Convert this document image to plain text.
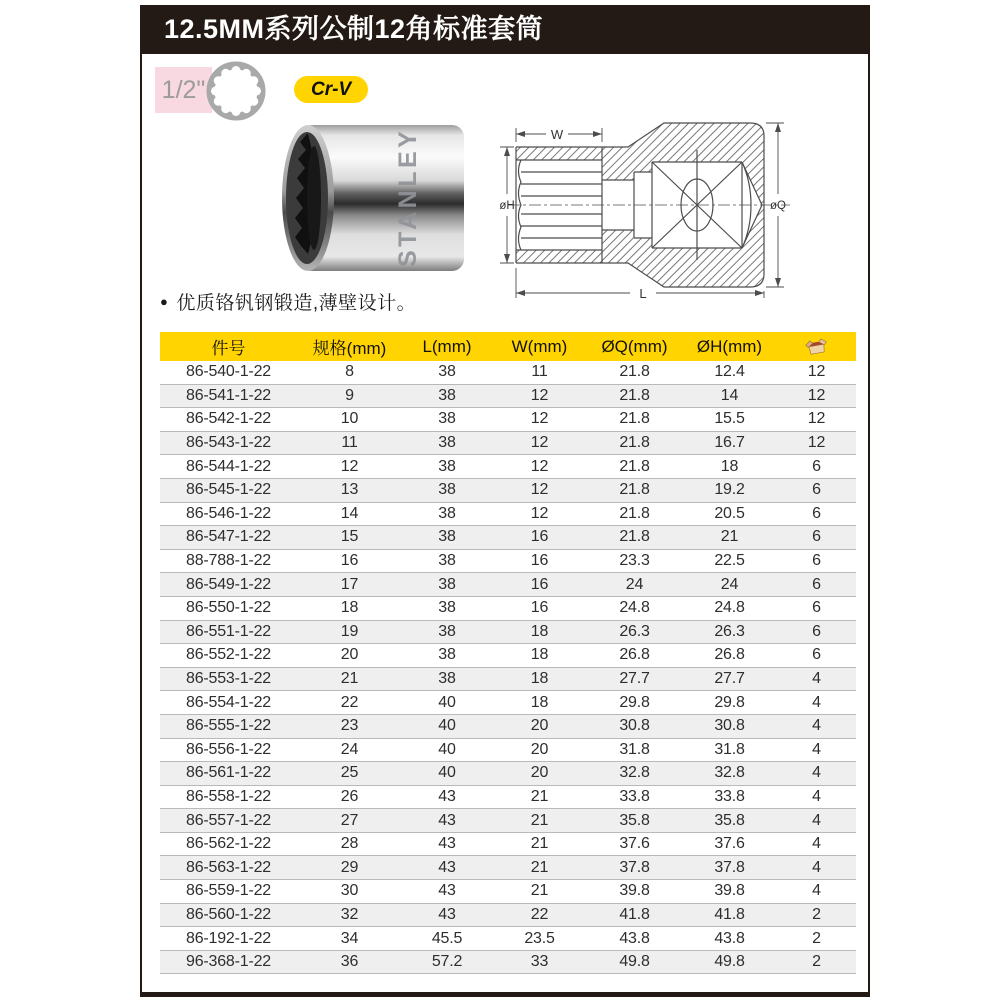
12.5MM系列公制12角标准套筒
1/2"	Cr-V
STANLEY	W
øH	øQ
L
● 优质铬钒钢锻造,薄壁设计。
件号	规格(mm)	L(mm)	W(mm)	ØQ(mm)	ØH(mm)	
86-540-1-22	8	38	11	21.8	12.4	12
86-541-1-22	9	38	12	21.8	14	12
86-542-1-22	10	38	12	21.8	15.5	12
86-543-1-22	11	38	12	21.8	16.7	12
86-544-1-22	12	38	12	21.8	18	6
86-545-1-22	13	38	12	21.8	19.2	6
86-546-1-22	14	38	12	21.8	20.5	6
86-547-1-22	15	38	16	21.8	21	6
88-788-1-22	16	38	16	23.3	22.5	6
86-549-1-22	17	38	16	24	24	6
86-550-1-22	18	38	16	24.8	24.8	6
86-551-1-22	19	38	18	26.3	26.3	6
86-552-1-22	20	38	18	26.8	26.8	6
86-553-1-22	21	38	18	27.7	27.7	4
86-554-1-22	22	40	18	29.8	29.8	4
86-555-1-22	23	40	20	30.8	30.8	4
86-556-1-22	24	40	20	31.8	31.8	4
86-561-1-22	25	40	20	32.8	32.8	4
86-558-1-22	26	43	21	33.8	33.8	4
86-557-1-22	27	43	21	35.8	35.8	4
86-562-1-22	28	43	21	37.6	37.6	4
86-563-1-22	29	43	21	37.8	37.8	4
86-559-1-22	30	43	21	39.8	39.8	4
86-560-1-22	32	43	22	41.8	41.8	2
86-192-1-22	34	45.5	23.5	43.8	43.8	2
96-368-1-22	36	57.2	33	49.8	49.8	2
